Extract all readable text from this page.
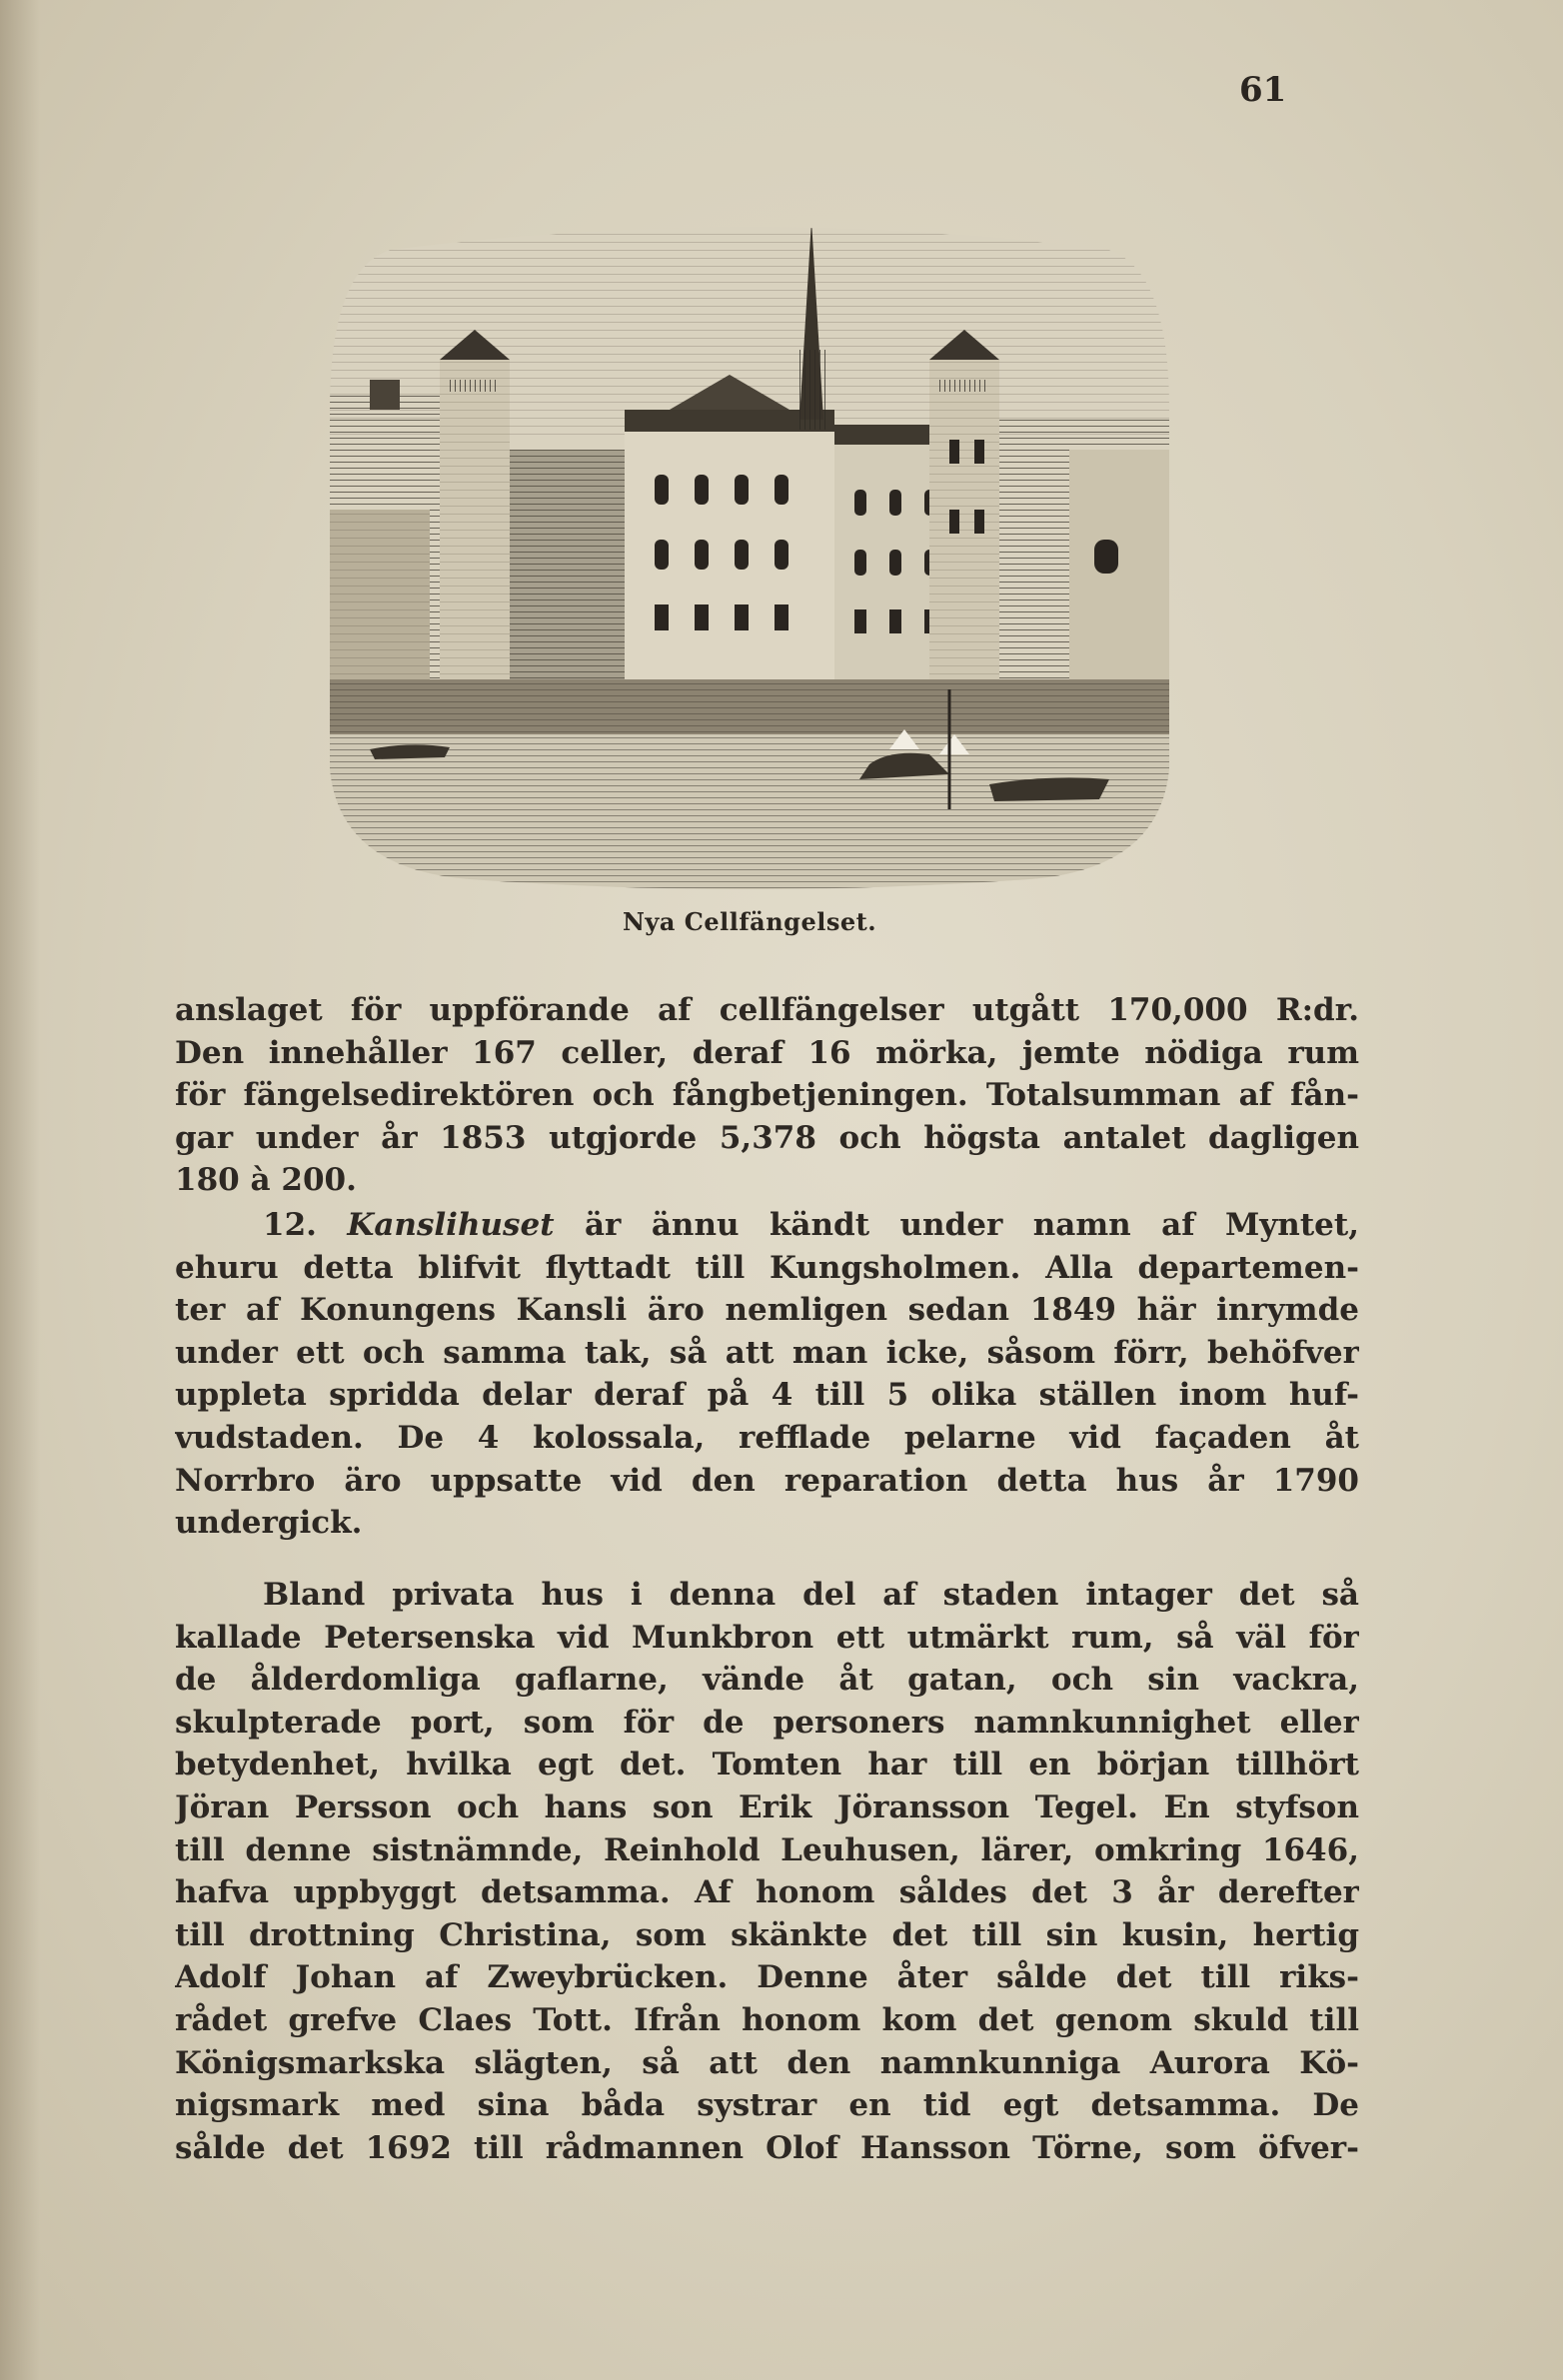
61
Nya Cellfängelset.
anslaget för uppförande af cellfängelser utgått 170,000 R:dr.
Den innehåller 167 celler, deraf 16 mörka, jemte nödiga rum
för fängelsedirektören och fångbetjeningen. Totalsumman af fån-
gar under år 1853 utgjorde 5,378 och högsta antalet dagligen
180 à 200.
12. Kanslihuset är ännu kändt under namn af Myntet,
ehuru detta blifvit flyttadt till Kungsholmen. Alla departemen-
ter af Konungens Kansli äro nemligen sedan 1849 här inrymde
under ett och samma tak, så att man icke, såsom förr, behöfver
uppleta spridda delar deraf på 4 till 5 olika ställen inom huf-
vudstaden. De 4 kolossala, refflade pelarne vid façaden åt
Norrbro äro uppsatte vid den reparation detta hus år 1790
undergick.
Bland privata hus i denna del af staden intager det så
kallade Petersenska vid Munkbron ett utmärkt rum, så väl för
de ålderdomliga gaflarne, vände åt gatan, och sin vackra,
skulpterade port, som för de personers namnkunnighet eller
betydenhet, hvilka egt det. Tomten har till en början tillhört
Jöran Persson och hans son Erik Jöransson Tegel. En styfson
till denne sistnämnde, Reinhold Leuhusen, lärer, omkring 1646,
hafva uppbyggt detsamma. Af honom såldes det 3 år derefter
till drottning Christina, som skänkte det till sin kusin, hertig
Adolf Johan af Zweybrücken. Denne åter sålde det till riks-
rådet grefve Claes Tott. Ifrån honom kom det genom skuld till
Königsmarkska slägten, så att den namnkunniga Aurora Kö-
nigsmark med sina båda systrar en tid egt detsamma. De
sålde det 1692 till rådmannen Olof Hansson Törne, som öfver-
